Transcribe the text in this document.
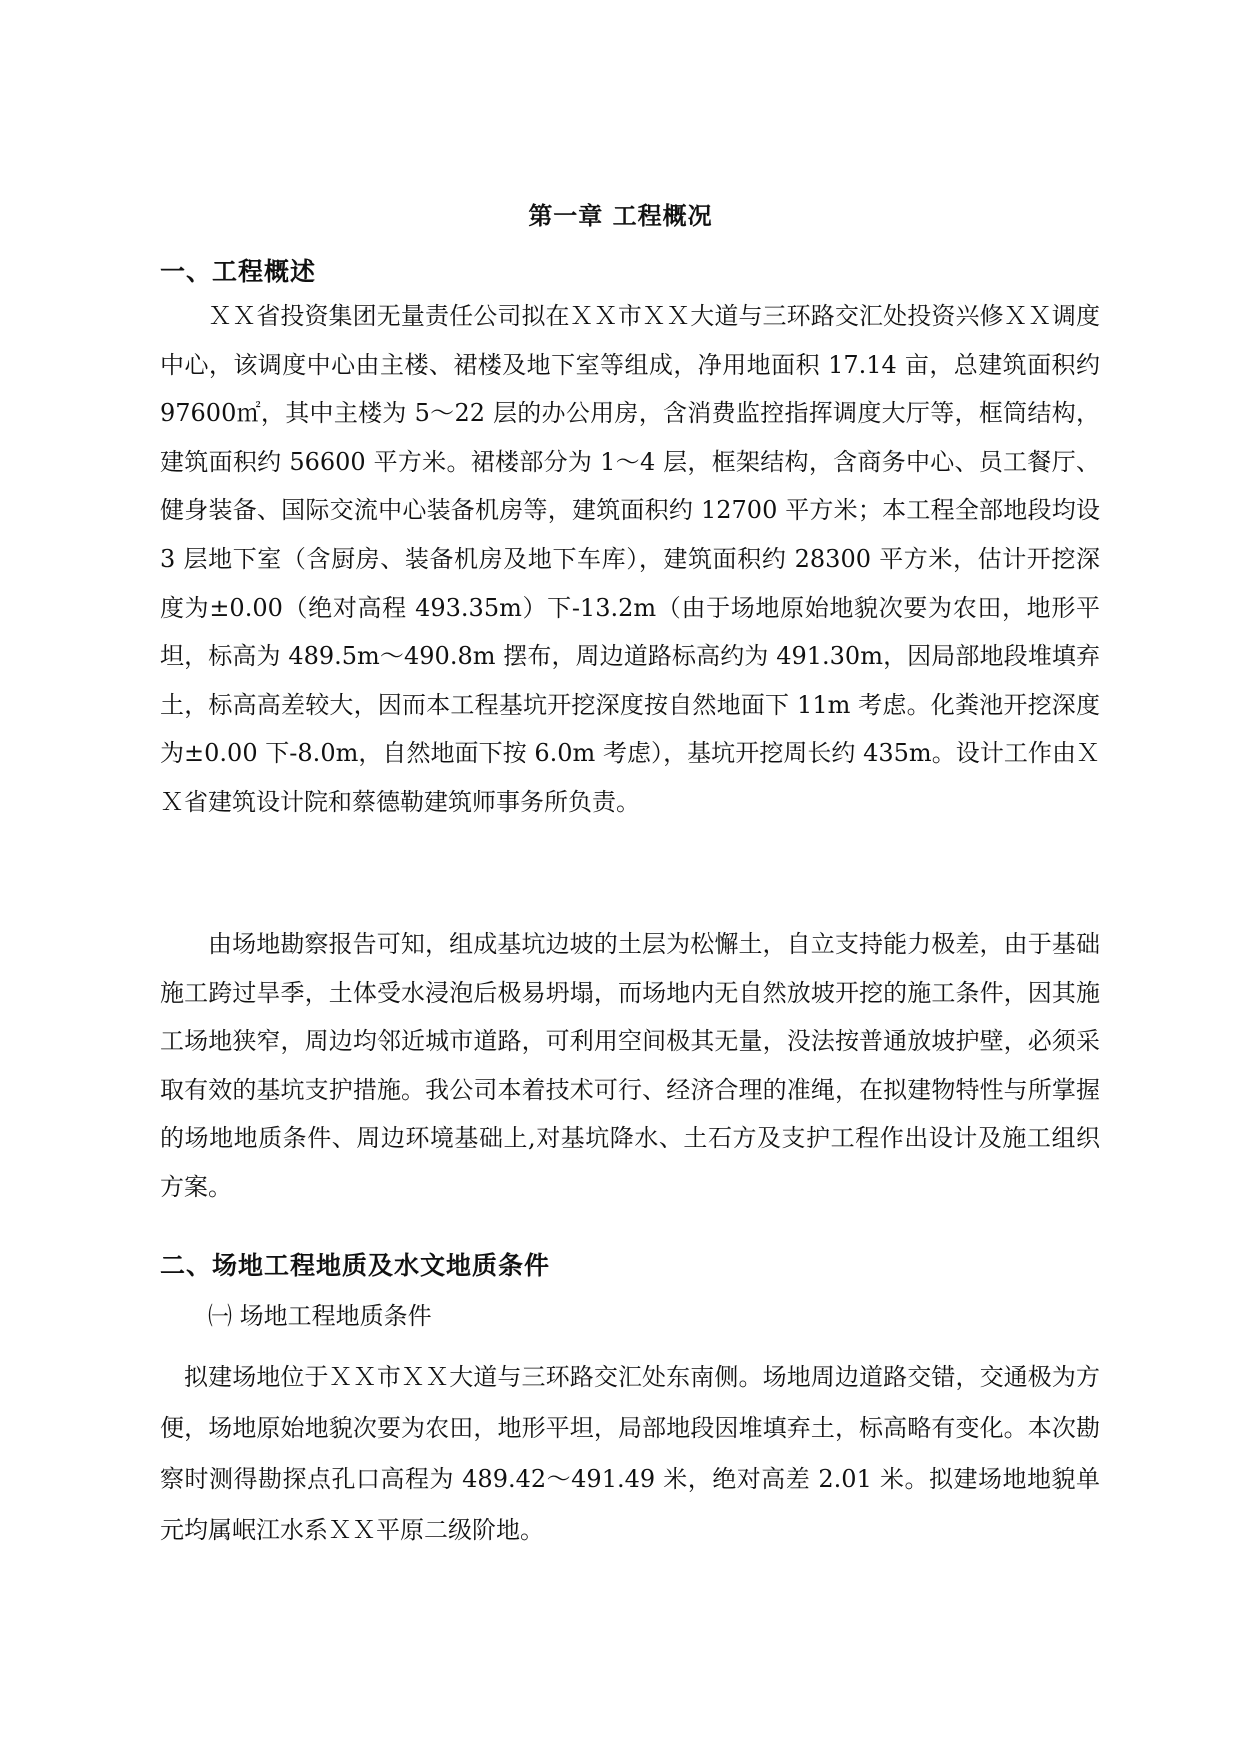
第一章 工程概况
一、工程概述

ＸＸ省投资集团无量责任公司拟在ＸＸ市ＸＸ大道与三环路交汇处投资兴修ＸＸ调度中心，该调度中心由主楼、裙楼及地下室等组成，净用地面积 17.14 亩，总建筑面积约 97600㎡，其中主楼为 5～22 层的办公用房，含消费监控指挥调度大厅等，框筒结构，建筑面积约 56600 平方米。裙楼部分为 1～4 层，框架结构，含商务中心、员工餐厅、健身装备、国际交流中心装备机房等，建筑面积约 12700 平方米；本工程全部地段均设 3 层地下室（含厨房、装备机房及地下车库），建筑面积约 28300 平方米，估计开挖深度为±0.00（绝对高程 493.35m）下-13.2m（由于场地原始地貌次要为农田，地形平坦，标高为 489.5m～490.8m 摆布，周边道路标高约为 491.30m，因局部地段堆填弃土，标高高差较大，因而本工程基坑开挖深度按自然地面下 11m 考虑。化粪池开挖深度为±0.00 下-8.0m，自然地面下按 6.0m 考虑），基坑开挖周长约 435m。设计工作由ＸＸ省建筑设计院和蔡德勒建筑师事务所负责。

由场地勘察报告可知，组成基坑边坡的土层为松懈土，自立支持能力极差，由于基础施工跨过旱季，土体受水浸泡后极易坍塌，而场地内无自然放坡开挖的施工条件，因其施工场地狭窄，周边均邻近城市道路，可利用空间极其无量，没法按普通放坡护壁，必须采取有效的基坑支护措施。我公司本着技术可行、经济合理的准绳，在拟建物特性与所掌握的场地地质条件、周边环境基础上,对基坑降水、土石方及支护工程作出设计及施工组织方案。

二、场地工程地质及水文地质条件

㈠ 场地工程地质条件

拟建场地位于ＸＸ市ＸＸ大道与三环路交汇处东南侧。场地周边道路交错，交通极为方便，场地原始地貌次要为农田，地形平坦，局部地段因堆填弃土，标高略有变化。本次勘察时测得勘探点孔口高程为 489.42～491.49 米，绝对高差 2.01 米。拟建场地地貌单元均属岷江水系ＸＸ平原二级阶地。
